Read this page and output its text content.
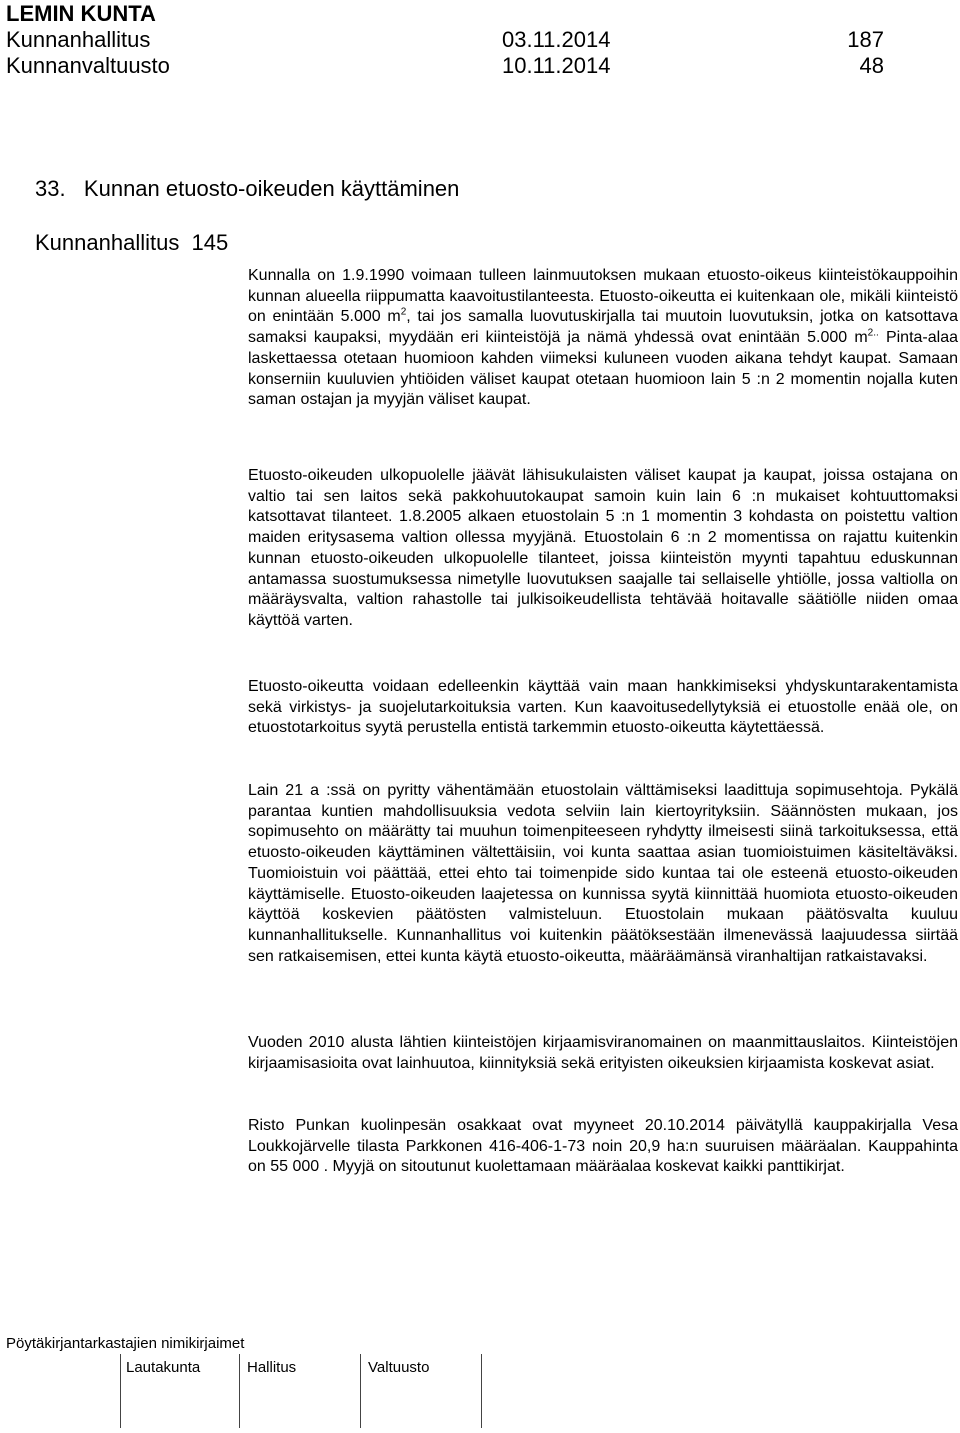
LEMIN KUNTA
Kunnanhallitus	03.11.2014	187
Kunnanvaltuusto	10.11.2014	48
33.   Kunnan etuosto-oikeuden käyttäminen
Kunnanhallitus  145

Kunnalla on 1.9.1990 voimaan tulleen lainmuutoksen mukaan etuosto-oikeus kiinteistökauppoihin kunnan alueella riippumatta kaavoitustilanteesta. Etuosto-oikeutta ei kuitenkaan ole, mikäli kiinteistö on enintään 5.000 $m^2$, tai jos samalla luovutuskirjalla tai muutoin luovutuksin, jotka on katsottava samaksi kaupaksi, myydään eri kiinteistöjä ja nämä yhdessä ovat enintään 5.000 $m^{2..}$ Pinta-alaa laskettaessa otetaan huomioon kahden viimeksi kuluneen vuoden aikana tehdyt kaupat. Samaan konserniin kuuluvien yhtiöiden väliset kaupat otetaan huomioon lain 5 :n 2 momentin nojalla kuten saman ostajan ja myyjän väliset kaupat.

Etuosto-oikeuden ulkopuolelle jäävät lähisukulaisten väliset kaupat ja kaupat, joissa ostajana on valtio tai sen laitos sekä pakkohuutokaupat samoin kuin lain 6 :n mukaiset kohtuuttomaksi katsottavat tilanteet. 1.8.2005 alkaen etuostolain 5 :n 1 momentin 3 kohdasta on poistettu valtion maiden eritysasema valtion ollessa myyjänä. Etuostolain 6 :n 2 momentissa on rajattu kuitenkin kunnan etuosto-oikeuden ulkopuolelle tilanteet, joissa kiinteistön myynti tapahtuu eduskunnan antamassa suostumuksessa nimetylle luovutuksen saajalle tai sellaiselle yhtiölle, jossa valtiolla on määräysvalta, valtion rahastolle tai julkisoikeudellista tehtävää hoitavalle säätiölle niiden omaa käyttöä varten.

Etuosto-oikeutta voidaan edelleenkin käyttää vain maan hankkimiseksi yhdyskuntarakentamista sekä virkistys- ja suojelutarkoituksia varten. Kun kaavoitusedellytyksiä ei etuostolle enää ole, on etuostotarkoitus syytä perustella entistä tarkemmin etuosto-oikeutta käytettäessä.

Lain 21 a :ssä on pyritty vähentämään etuostolain välttämiseksi laadittuja sopimusehtoja. Pykälä parantaa kuntien mahdollisuuksia vedota selviin lain kiertoyrityksiin. Säännösten mukaan, jos sopimusehto on määrätty tai muuhun toimenpiteeseen ryhdytty ilmeisesti siinä tarkoituksessa, että etuosto-oikeuden käyttäminen vältettäisiin, voi kunta saattaa asian tuomioistuimen käsiteltäväksi. Tuomioistuin voi päättää, ettei ehto tai toimenpide sido kuntaa tai ole esteenä etuosto-oikeuden käyttämiselle. Etuosto-oikeuden laajetessa on kunnissa syytä kiinnittää huomiota etuosto-oikeuden käyttöä koskevien päätösten valmisteluun. Etuostolain mukaan päätösvalta kuuluu kunnanhallitukselle. Kunnanhallitus voi kuitenkin päätöksestään ilmenevässä laajuudessa siirtää sen ratkaisemisen, ettei kunta käytä etuosto-oikeutta, määräämänsä viranhaltijan ratkaistavaksi.

Vuoden 2010 alusta lähtien kiinteistöjen kirjaamisviranomainen on maanmittauslaitos. Kiinteistöjen kirjaamisasioita ovat lainhuutoa, kiinnityksiä sekä erityisten oikeuksien kirjaamista koskevat asiat.

Risto Punkan kuolinpesän osakkaat ovat myyneet 20.10.2014 päivätyllä kauppakirjalla Vesa Loukkojärvelle tilasta Parkkonen 416-406-1-73 noin 20,9 ha:n suuruisen määräalan. Kauppahinta on 55 000 . Myyjä on sitoutunut kuolettamaan määräalaa koskevat kaikki panttikirjat.

Pöytäkirjantarkastajien nimikirjaimet
Lautakunta	Hallitus	Valtuusto
